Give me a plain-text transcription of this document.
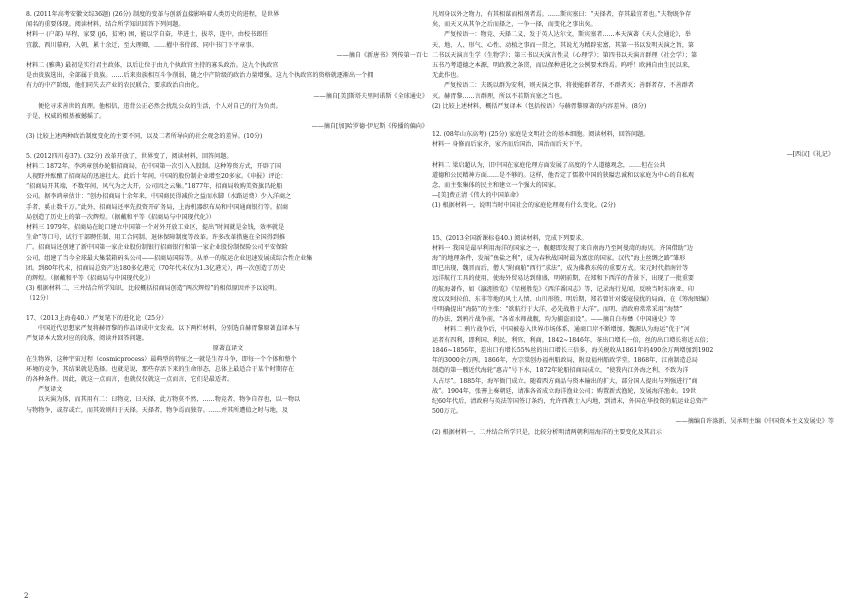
8. (2011年高考安徽文综36题) (26分) 制度的变革与创新直接影响着人类历史的进程，是世界

闻名的重要体现。阅读材料，结合所学知识回答下列问题。

材料一 (户部) 早程，家要 (j6，贫寒) 困，能以学自奋，毕进士，拔萃，连中，由校书郎任

宜歙、西川幕府，入朝，累十余迁，至大理卿，……擢中书侍郎、同中书门下平章事。

——摘自《新唐书》列传第一百七

材料二 (雅典) 最初是实行君主政体，以后让位于由九个执政官主持的寡头政治。这九个执政官

是由贵族选出，全部属于贵族。……后来贵族相互斗争削弱，随之中产阶级的政治力量增强。这九个执政官的资格就逐渐出一个拥

有力的中产阶级，他们同失去产业的农民联合，要求政治自由化。

——摘自[美]斯塔夫里阿诺斯《全球通史》

便伦寻求善世的真理。他相信，违背公正必然会扰乱公众的生活，个人对自己的行为负责。

于是，权威的根基被撼摇了。

——摘自[加]哈罗德·伊尼斯《传播的偏向》

(3) 比较上述两种政治制度变化的主要不同，以及二者所导向的社会观念的差异。(10分)

5. (2012四川卷37). (32分) 改革开放了，世界变了，阅读材料，回答问题。

材料二 1872年，李鸿章创办轮船招商局，在中国第一次引入入股制。这种筹资方式，开辟了国

人视野并酝酿了招商局的迅速壮大。此后十年间，中国的股份制企业增至20多家。《申报》评论：

“招商局开其端，不数年间，风气为之大开，公司因之云集。”1877年，招商局收购美资旗昌轮船

公司。据李鸿章估计：“创办招商局十余年来，中国商民得减价之益而水脚（水路运费）少入洋商之

手者，奚止数千万。”此外，招商局还率先投资开矿务局，上海机器织布局和中国通商银行等。招商

局创造了历史上的第一次辉煌。（据戴和平等《招商局与中国现代化》）

材料三 1979年，招商局在蛇口建立中国第一个对外开放工业区，提出“时间就是金钱，效率就是

生命”等口号，试行干部聘任制、用工合同制、退休保障制度等改革。许多改革措施在全国得到推

广。招商局还创建了新中国第一家企业股份制银行招商银行和第一家企业股份制保险公司平安保险

公司，组建了当今全球最大集装箱码头公司——招商局国际等。从单一的航运企业迅速发展成综合性企业集

团。到80年代末，招商局总资产达180多亿港元（70年代末仅为1.3亿港元），再一次创造了历史

的辉煌。（据戴和平等《招商局与中国现代化》）

(3) 根据材料二、三并结合所学知识，比较概括招商局创造“两次辉煌”的相似原因并予以说明。

（12分）

17、（2013上海卷40.）严复笔下的进化论（25分）

中国近代思想家严复将赫胥黎的作品译成中文发表。以下两栏材料，分别选自赫胥黎原著直译本与

严复译本大致对应的段落，阅读并回答问题。

原著直译文

在生物界，这种宇宙过程（cosmicprocess）最典型的特征之一就是生存斗争，即每一个个体和整个

环境的竞争，其结果就是选择。也就是说，那些存活下来的生命形态，总体上最适合于某个时期存在

的各种条件。因此，就这一点而言，也就仅仅就这一点而言，它们是最适者。

严复译文

以天演为体，而其用有二：曰物竞，曰天择，此万物莫不然，……物竞者，物争自存也，以一物以

与物物争，或存或亡，而其效则归于天择。天择者，物争焉而独存。……并其所遭值之时与地，及

凡周身以外之物力，有其相谋而相剂者焉。……斯宾塞曰：“天择者，存其最宜者也。”夫物既争存

矣，而天又从其争之后而择之，一争一择，而变化之事出矣。

严复按语一：物竞、天择二义，发于英人达尔文，斯宾塞者……本天演著《天人会通论》，举

天、地、人、形气、心性、动植之事而一贯之，其说尤为精辟宏富，其第一书以发明天演之旨，第

二书以天演言生学（生物学）；第三书以天演言性灵（心理学）；第四书以天演言群理（社会学）；第

五书乃考道德之本源，明政教之条贯，而以保种进化之公例要术终焉。呜呼！欧洲自由生民以来，

无此作也。

严复按语二：夫既以群为安利，则天演之事，将使能群者存，不群者灭；善群者存，不善群者

灭。赫胥黎……言群理，所以不若斯宾塞之当也。

(2) 比较上述材料，概括严复译本（包括按语）与赫胥黎原著的内容差异。(8分)

12. (08年山东高考) (25分) 家庭是文明社会的基本细胞。阅读材料，回答问题。

材料一 身修而后家齐，家齐而后国治，国治而后天下平。

—[西汉]《礼记》

材料二 梁启超认为，旧中国在家庭伦理方面发展了高度的个人道德观念，……但在公共

道德和公民精神方面……是不够的。这样，他否定了儒教中国的狭隘忠诚和以家庭为中心的自私观

念，而主张集体的民主和建立一个强大的国家。

—[美]费正清《伟大的中国革命》

(1) 根据材料一，说明当时中国社会的家庭伦理观有什么变化。(2分)

15、(2013全国新课标卷40.) 阅读材料，完成下列要求。

材料一 我国是最早利用海洋的国家之一，舰艇即发现了来自南海乃至阿曼湾的海贝。齐国借助“边

海”的地理条件，发展“鱼盐之利”，成为春秋战国时最为富庶的国家。汉代“海上丝绸之路”雏形

即已出现，魏晋而后，僧人“附商舶”西行“求法”，成为佛教东传的重要方式。宋元时代指南针等

远洋航行工具的使用，使海外贸易达到鼎盛，明朝前期，在郑和下西洋的背景下，出现了一批重要

的航海著作，如《瀛涯胜览》《星槎胜览》《西洋番国志》等，记录海行见闻，反映当时东南亚、印

度以及阿拉伯、东非等地的风土人情、山川形胜、明后期，郑若曾针对倭寇侵扰的局面，在《筹海图编》

中明确提出“海防”的主张：“欲航行于大洋，必先战胜于大洋”。而明、清政府常常采用“海禁”

的办法，到鸦片战争前，“各省水师战舰，均为捕盗而设”。——摘自白寿彝《中国通史》等

材料二 鸦片战争后，中国被卷入世界市场体系，通商口岸不断增加。魏源认为海运“优于”河

运者有四利，即利国、利民、利官、利商。1842~1846年，茶出口增长一倍，丝的出口增长将近五倍；

1846~1856年，差出口有增长55%丝的出口增长三倍多，海关税收从1861年的490余万两增加到1902

年的3000余万两。1866年，左宗棠创办福州船政局，附设福州船政学堂。1868年，江南制造总局

制造的第一艘近代海轮“惠吉”号下水，1872年轮船招商局成立，“使我内江外海之利，不致为洋

人占尽”。1885年，海军衙门成立。随着西方商品与资本输出的扩大，部分国人提出与列强进行“商

战”。1904年，张謇上奏朝廷，请准各省成立海洋渔业公司；购置新式渔轮，发展海洋渔业。19世

纪60年代后，清政府与英法等国签订条约，允许西教士入内地，到清末，外国在华投资的航运业总资产

500万元。

——摘编自许涤新、吴承明主编《中国资本主义发展史》等

(2) 根据材料一、二并结合所学只是，比较分析明清两朝利用海洋的主要变化及其启示

2
